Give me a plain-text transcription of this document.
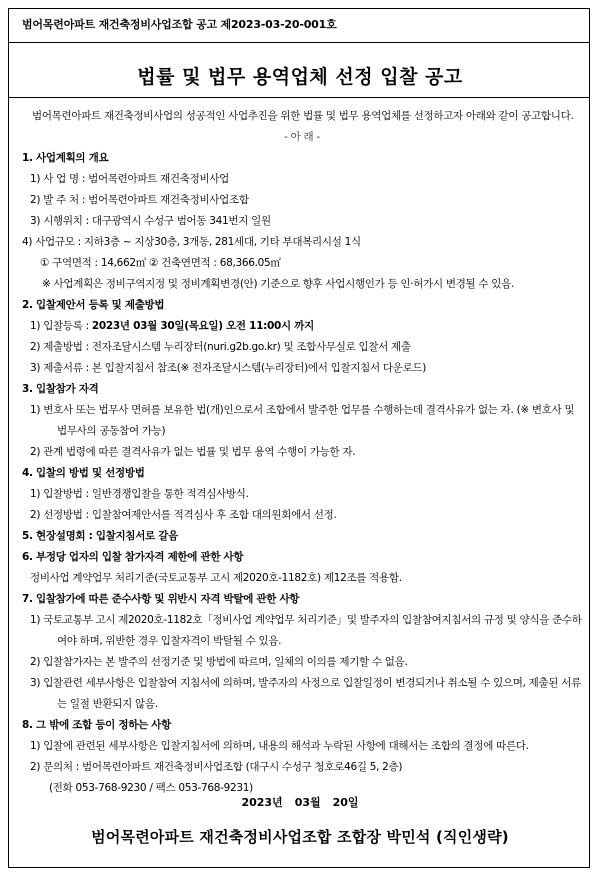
범어목련아파트 재건축정비사업조합 공고 제2023-03-20-001호
법률 및 법무 용역업체 선정 입찰 공고
범어목련아파트 재건축정비사업의 성공적인 사업추진을 위한 법률 및 법무 용역업체를 선정하고자 아래와 같이 공고합니다.
- 아 래 -
1. 사업계획의 개요
1) 사 업 명 : 범어목련아파트 재건축정비사업
2) 발 주 처 : 범어목련아파트 재건축정비사업조합
3) 시행위치 : 대구광역시 수성구 범어동 341번지 일원
4) 사업규모 : 지하3층 ~ 지상30층, 3개동, 281세대, 기타 부대복리시설 1식
① 구역면적 : 14,662㎡ ② 건축연면적 : 68,366.05㎡
※ 사업계획은 정비구역지정 및 정비계획변경(안) 기준으로 향후 사업시행인가 등 인·허가시 변경될 수 있음.
2. 입찰제안서 등록 및 제출방법
1) 입찰등록 : 2023년 03월 30일(목요일) 오전 11:00시 까지
2) 제출방법 : 전자조달시스템 누리장터(nuri.g2b.go.kr) 및 조합사무실로 입찰서 제출
3) 제출서류 : 본 입찰지침서 참조(※ 전자조달시스템(누리장터)에서 입찰지침서 다운로드)
3. 입찰참가 자격
1) 변호사 또는 법무사 면허를 보유한 법(개)인으로서 조합에서 발주한 업무를 수행하는데 결격사유가 없는 자. (※ 변호사 및 법무사의 공동참여 가능)
2) 관계 법령에 따른 결격사유가 없는 법률 및 법무 용역 수행이 가능한 자.
4. 입찰의 방법 및 선정방법
1) 입찰방법 : 일반경쟁입찰을 통한 적격심사방식.
2) 선정방법 : 입찰참여제안서를 적격심사 후 조합 대의원회에서 선정.
5. 현장설명회 : 입찰지침서로 갈음
6. 부정당 업자의 입찰 참가자격 제한에 관한 사항
정비사업 계약업무 처리기준(국토교통부 고시 제2020호-1182호) 제12조를 적용함.
7. 입찰참가에 따른 준수사항 및 위반시 자격 박탈에 관한 사항
1) 국토교통부 고시 제2020호-1182호「정비사업 계약업무 처리기준」및 발주자의 입찰참여지침서의 규정 및 양식을 준수하여야 하며, 위반한 경우 입찰자격이 박탈될 수 있음.
2) 입찰참가자는 본 발주의 선정기준 및 방법에 따르며, 일체의 이의를 제기할 수 없음.
3) 입찰관련 세부사항은 입찰참여 지침서에 의하며, 발주자의 사정으로 입찰일정이 변경되거나 취소될 수 있으며, 제출된 서류는 일절 반환되지 않음.
8. 그 밖에 조합 등이 정하는 사항
1) 입찰에 관련된 세부사항은 입찰지침서에 의하며, 내용의 해석과 누락된 사항에 대해서는 조합의 결정에 따른다.
2) 문의처 : 범어목련아파트 재건축정비사업조합 (대구시 수성구 청호로46길 5, 2층)
(전화 053-768-9230 / 팩스 053-768-9231)
2023년 03월 20일
범어목련아파트 재건축정비사업조합 조합장 박민석 (직인생략)
